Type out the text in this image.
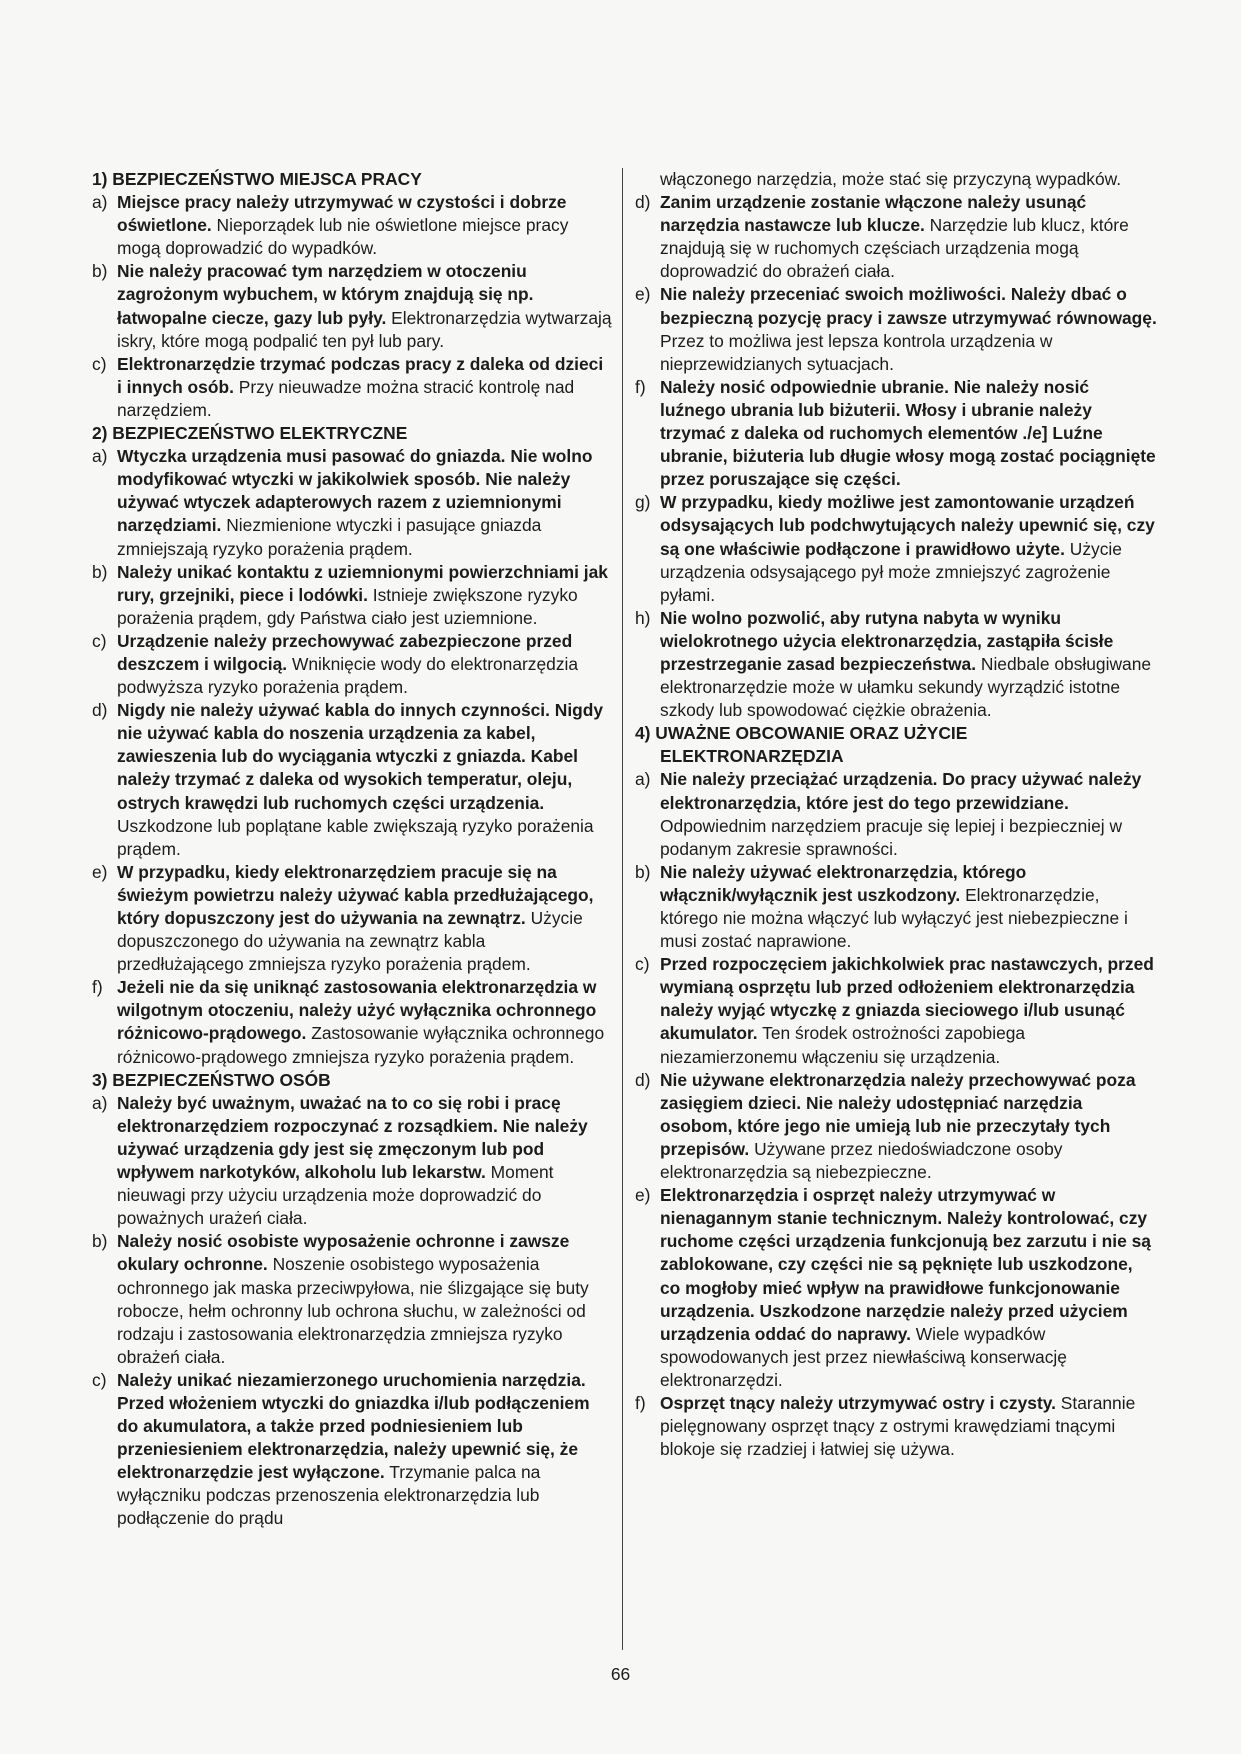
1) BEZPIECZEŃSTWO MIEJSCA PRACY

a) Miejsce pracy należy utrzymywać w czystości i dobrze oświetlone. Nieporządek lub nie oświetlone miejsce pracy mogą doprowadzić do wypadków.

b) Nie należy pracować tym narzędziem w otoczeniu zagrożonym wybuchem, w którym znajdują się np. łatwopalne ciecze, gazy lub pyły. Elektronarzędzia wytwarzają iskry, które mogą podpalić ten pył lub pary.

c) Elektronarzędzie trzymać podczas pracy z daleka od dzieci i innych osób. Przy nieuwadze można stracić kontrolę nad narzędziem.

2) BEZPIECZEŃSTWO ELEKTRYCZNE

a) Wtyczka urządzenia musi pasować do gniazda. Nie wolno modyfikować wtyczki w jakikolwiek sposób. Nie należy używać wtyczek adapterowych razem z uziemnionymi narzędziami. Niezmienione wtyczki i pasujące gniazda zmniejszają ryzyko porażenia prądem.

b) Należy unikać kontaktu z uziemnionymi powierzchniami jak rury, grzejniki, piece i lodówki. Istnieje zwiększone ryzyko porażenia prądem, gdy Państwa ciało jest uziemnione.

c) Urządzenie należy przechowywać zabezpieczone przed deszczem i wilgocią. Wniknięcie wody do elektronarzędzia podwyższa ryzyko porażenia prądem.

d) Nigdy nie należy używać kabla do innych czynności. Nigdy nie używać kabla do noszenia urządzenia za kabel, zawieszenia lub do wyciągania wtyczki z gniazda. Kabel należy trzymać z daleka od wysokich temperatur, oleju, ostrych krawędzi lub ruchomych części urządzenia. Uszkodzone lub poplątane kable zwiększają ryzyko porażenia prądem.

e) W przypadku, kiedy elektronarzędziem pracuje się na świeżym powietrzu należy używać kabla przedłużającego, który dopuszczony jest do używania na zewnątrz. Użycie dopuszczonego do używania na zewnątrz kabla przedłużającego zmniejsza ryzyko porażenia prądem.

f) Jeżeli nie da się uniknąć zastosowania elektronarzędzia w wilgotnym otoczeniu, należy użyć wyłącznika ochronnego różnicowo-prądowego. Zastosowanie wyłącznika ochronnego różnicowo-prądowego zmniejsza ryzyko porażenia prądem.

3) BEZPIECZEŃSTWO OSÓB

a) Należy być uważnym, uważać na to co się robi i pracę elektronarzędziem rozpoczynać z rozsądkiem. Nie należy używać urządzenia gdy jest się zmęczonym lub pod wpływem narkotyków, alkoholu lub lekarstw. Moment nieuwagi przy użyciu urządzenia może doprowadzić do poważnych urażeń ciała.

b) Należy nosić osobiste wyposażenie ochronne i zawsze okulary ochronne. Noszenie osobistego wyposażenia ochronnego jak maska przeciwpyłowa, nie ślizgające się buty robocze, hełm ochronny lub ochrona słuchu, w zależności od rodzaju i zastosowania elektronarzędzia zmniejsza ryzyko obrażeń ciała.

c) Należy unikać niezamierzonego uruchomienia narzędzia. Przed włożeniem wtyczki do gniazdka i/lub podłączeniem do akumulatora, a także przed podniesieniem lub przeniesieniem elektronarzędzia, należy upewnić się, że elektronarzędzie jest wyłączone. Trzymanie palca na wyłączniku podczas przenoszenia elektronarzędzia lub podłączenie do prądu

włączonego narzędzia, może stać się przyczyną wypadków.

d) Zanim urządzenie zostanie włączone należy usunąć narzędzia nastawcze lub klucze. Narzędzie lub klucz, które znajdują się w ruchomych częściach urządzenia mogą doprowadzić do obrażeń ciała.

e) Nie należy przeceniać swoich możliwości. Należy dbać o bezpieczną pozycję pracy i zawsze utrzymywać równowagę. Przez to możliwa jest lepsza kontrola urządzenia w nieprzewidzianych sytuacjach.

f) Należy nosić odpowiednie ubranie. Nie należy nosić luźnego ubrania lub biżuterii. Włosy i ubranie należy trzymać z daleka od ruchomych elementów ./e] Luźne ubranie, biżuteria lub długie włosy mogą zostać pociągnięte przez poruszające się części.

g) W przypadku, kiedy możliwe jest zamontowanie urządzeń odsysających lub podchwytujących należy upewnić się, czy są one właściwie podłączone i prawidłowo użyte. Użycie urządzenia odsysającego pył może zmniejszyć zagrożenie pyłami.

h) Nie wolno pozwolić, aby rutyna nabyta w wyniku wielokrotnego użycia elektronarzędzia, zastąpiła ścisłe przestrzeganie zasad bezpieczeństwa. Niedbale obsługiwane elektronarzędzie może w ułamku sekundy wyrządzić istotne szkody lub spowodować ciężkie obrażenia.

4) UWAŻNE OBCOWANIE ORAZ UŻYCIE
ELEKTRONARZĘDZIA

a) Nie należy przeciążać urządzenia. Do pracy używać należy elektronarzędzia, które jest do tego przewidziane. Odpowiednim narzędziem pracuje się lepiej i bezpieczniej w podanym zakresie sprawności.

b) Nie należy używać elektronarzędzia, którego włącznik/wyłącznik jest uszkodzony. Elektronarzędzie, którego nie można włączyć lub wyłączyć jest niebezpieczne i musi zostać naprawione.

c) Przed rozpoczęciem jakichkolwiek prac nastawczych, przed wymianą osprzętu lub przed odłożeniem elektronarzędzia należy wyjąć wtyczkę z gniazda sieciowego i/lub usunąć akumulator. Ten środek ostrożności zapobiega niezamierzonemu włączeniu się urządzenia.

d) Nie używane elektronarzędzia należy przechowywać poza zasięgiem dzieci. Nie należy udostępniać narzędzia osobom, które jego nie umieją lub nie przeczytały tych przepisów. Używane przez niedoświadczone osoby elektronarzędzia są niebezpieczne.

e) Elektronarzędzia i osprzęt należy utrzymywać w nienagannym stanie technicznym. Należy kontrolować, czy ruchome części urządzenia funkcjonują bez zarzutu i nie są zablokowane, czy części nie są pęknięte lub uszkodzone, co mogłoby mieć wpływ na prawidłowe funkcjonowanie urządzenia. Uszkodzone narzędzie należy przed użyciem urządzenia oddać do naprawy. Wiele wypadków spowodowanych jest przez niewłaściwą konserwację elektronarzędzi.

f) Osprzęt tnący należy utrzymywać ostry i czysty. Starannie pielęgnowany osprzęt tnący z ostrymi krawędziami tnącymi blokoje się rzadziej i łatwiej się używa.

66
